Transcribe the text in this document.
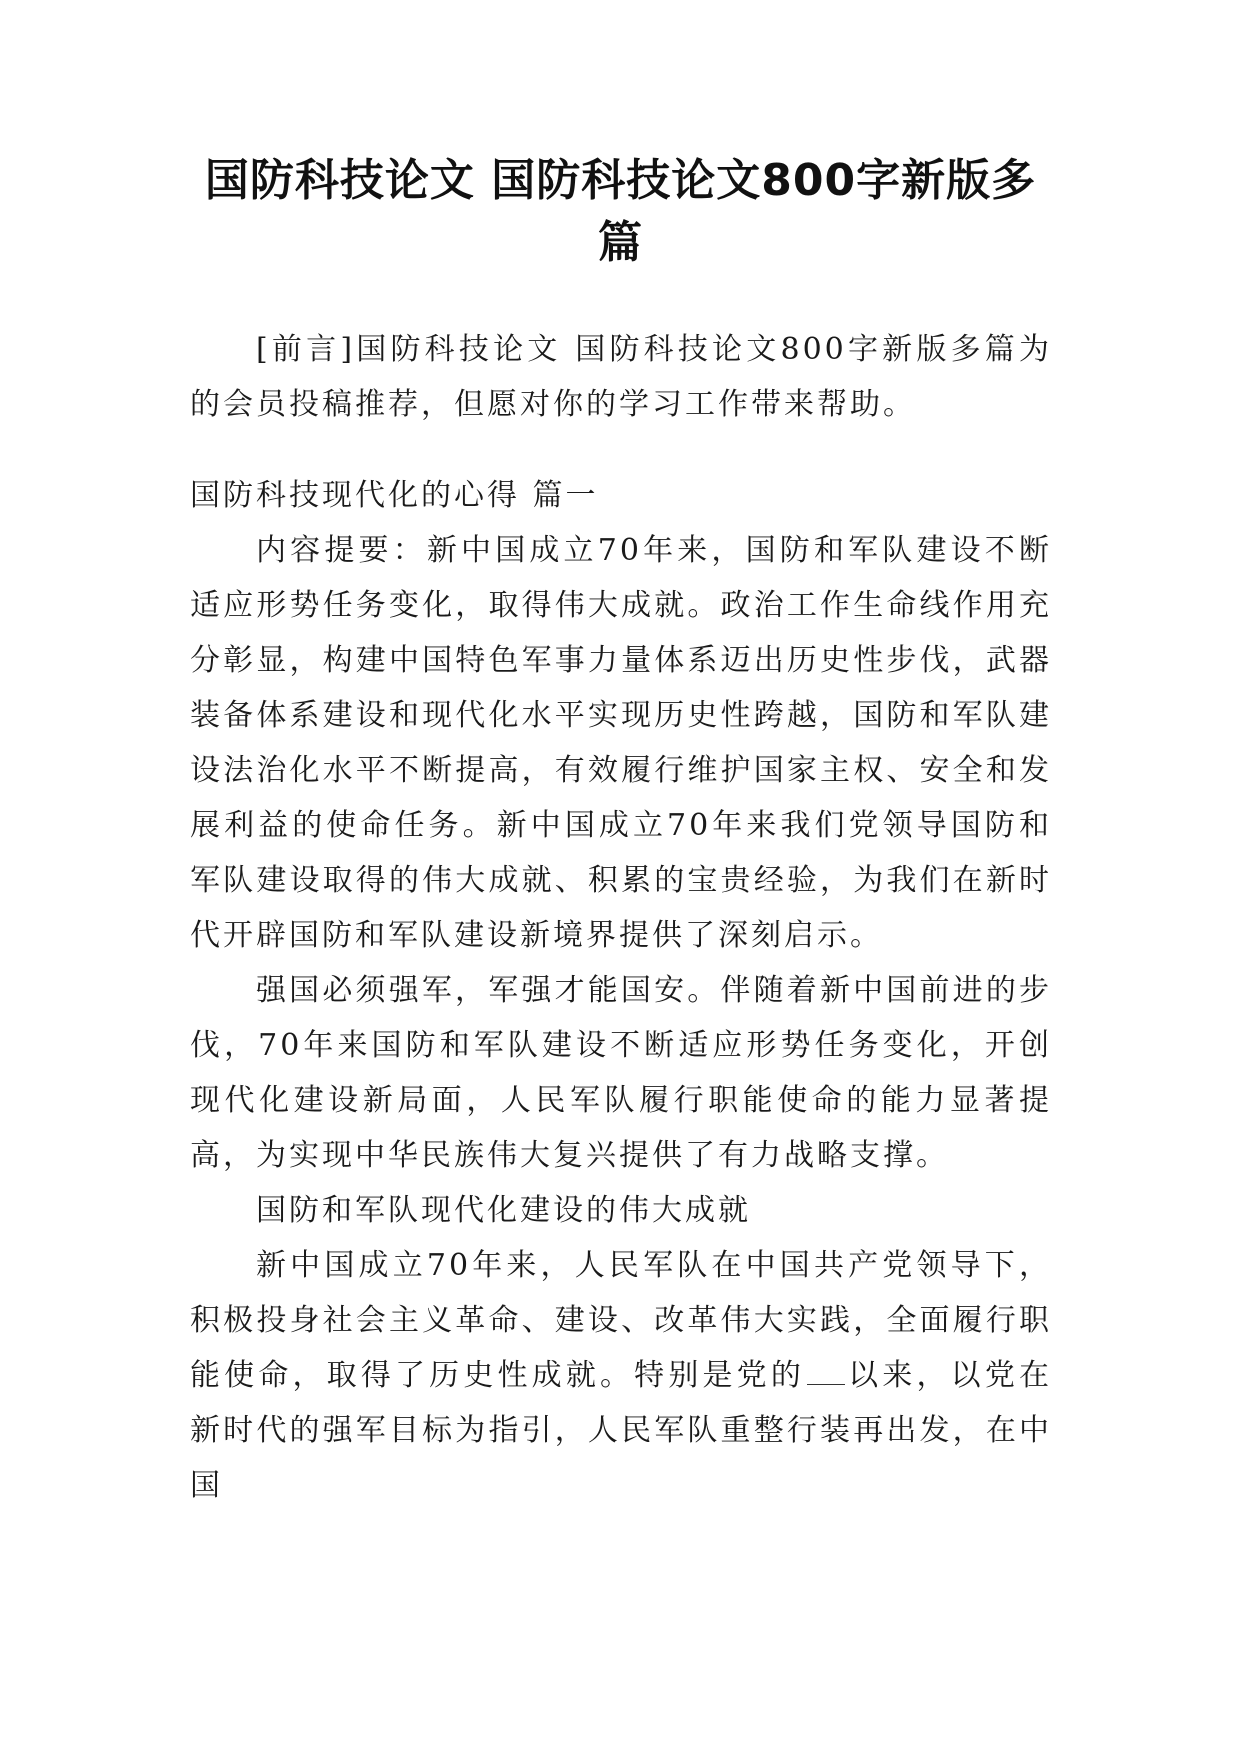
国防科技论文 国防科技论文800字新版多篇

[前言]国防科技论文 国防科技论文800字新版多篇为的会员投稿推荐，但愿对你的学习工作带来帮助。

国防科技现代化的心得 篇一

内容提要：新中国成立70年来，国防和军队建设不断适应形势任务变化，取得伟大成就。政治工作生命线作用充分彰显，构建中国特色军事力量体系迈出历史性步伐，武器装备体系建设和现代化水平实现历史性跨越，国防和军队建设法治化水平不断提高，有效履行维护国家主权、安全和发展利益的使命任务。新中国成立70年来我们党领导国防和军队建设取得的伟大成就、积累的宝贵经验，为我们在新时代开辟国防和军队建设新境界提供了深刻启示。

强国必须强军，军强才能国安。伴随着新中国前进的步伐，70年来国防和军队建设不断适应形势任务变化，开创现代化建设新局面，人民军队履行职能使命的能力显著提高，为实现中华民族伟大复兴提供了有力战略支撑。

国防和军队现代化建设的伟大成就

新中国成立70年来，人民军队在中国共产党领导下，积极投身社会主义革命、建设、改革伟大实践，全面履行职能使命，取得了历史性成就。特别是党的 以来，以党在新时代的强军目标为指引，人民军队重整行装再出发，在中国
